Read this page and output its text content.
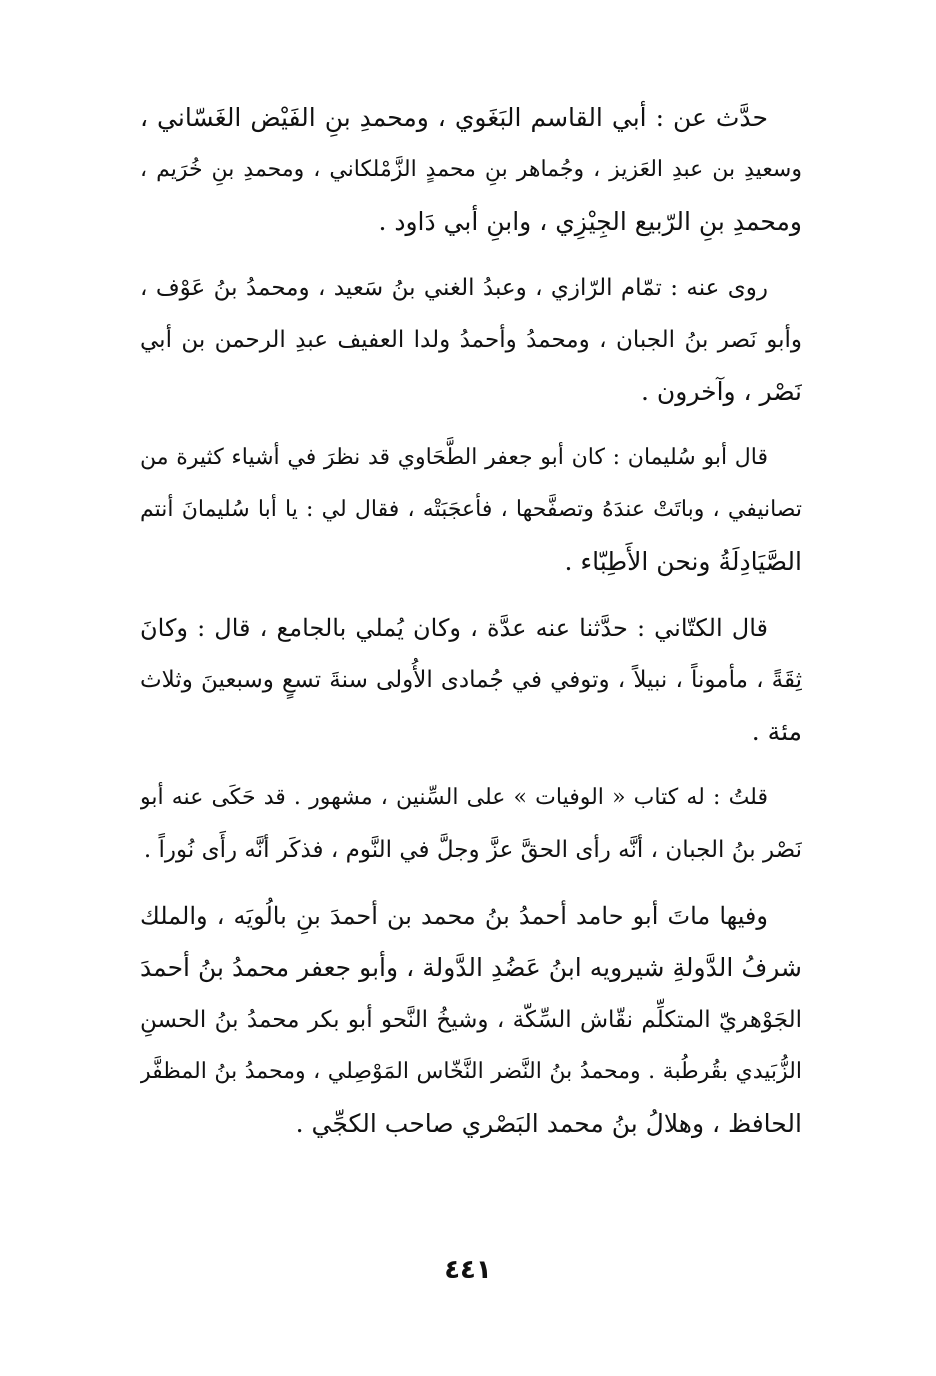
حدَّث عن : أبي القاسم البَغَوي ، ومحمدِ بنِ الفَيْض الغَسّاني ،
وسعيدِ بن عبدِ العَزيز ، وجُماهر بنِ محمدٍ الزَّمْلكاني ، ومحمدِ بنِ خُرَيم ،
ومحمدِ بنِ الرّبيع الجِيْزِي ، وابنِ أبي دَاود .

روى عنه : تمّام الرّازي ، وعبدُ الغني بنُ سَعيد ، ومحمدُ بنُ عَوْف ،
وأبو نَصر بنُ الجبان ، ومحمدُ وأحمدُ ولدا العفيف عبدِ الرحمن بن أبي
نَصْر ، وآخرون .

قال أبو سُليمان : كان أبو جعفر الطَّحَاوي قد نظرَ في أشياء كثيرة من
تصانيفي ، وباتَتْ عندَهُ وتصفَّحها ، فأعجَبَتْه ، فقال لي : يا أبا سُليمانَ أنتم
الصَّيَادِلَةُ ونحن الأَطِبّاء .

قال الكتّاني : حدَّثنا عنه عدَّة ، وكان يُملي بالجامع ، قال : وكانَ
ثِقَةً ، مأموناً ، نبيلاً ، وتوفي في جُمادى الأُولى سنةَ تسعٍ وسبعينَ وثلاث
مئة .

قلتُ : له كتاب « الوفيات » على السِّنين ، مشهور . قد حَكَى عنه أبو
نَصْر بنُ الجبان ، أنَّه رأى الحقَّ عزَّ وجلَّ في النَّوم ، فذكَر أنَّه رأَى نُوراً .

وفيها ماتَ أبو حامد أحمدُ بنُ محمد بن أحمدَ بنِ بالُويَه ، والملك
شرفُ الدَّولةِ شيرويه ابنُ عَضُدِ الدَّولة ، وأبو جعفر محمدُ بنُ أحمدَ
الجَوْهريّ المتكلِّم نقّاش السِّكّة ، وشيخُ النَّحو أبو بكر محمدُ بنُ الحسنِ
الزُّبَيدي بقُرطُبة . ومحمدُ بنُ النَّضر النَّخّاس المَوْصِلي ، ومحمدُ بنُ المظفَّر
الحافظ ، وهلالُ بنُ محمد البَصْري صاحب الكجِّي .

٤٤١
